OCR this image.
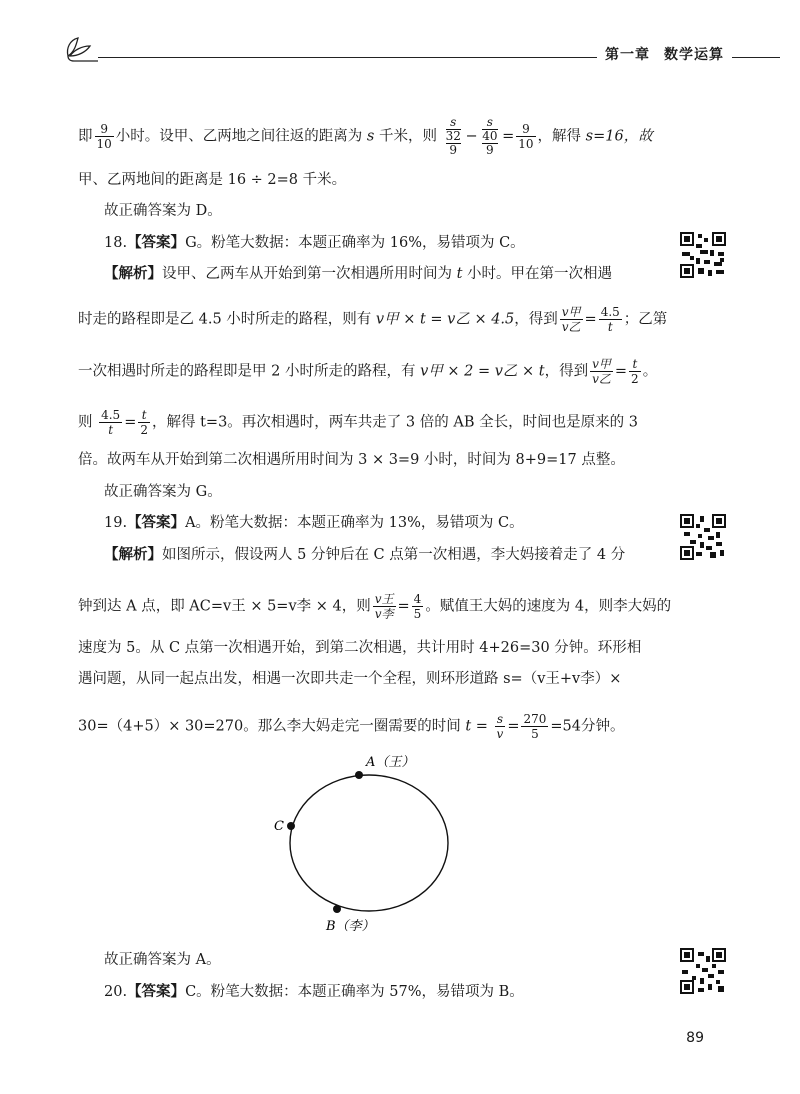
第一章 数学运算
即 $\frac{9}{10}$ 小时。设甲、乙两地之间往返的距离为 s 千米，则
s
32
9
−
s
40
9
= $\frac{9}{10}$ ，解得 s=16，故
甲、乙两地间的距离是 16 ÷ 2=8 千米。
故正确答案为 D。
18.【答案】G。粉笔大数据：本题正确率为 16%，易错项为 C。
【解析】设甲、乙两车从开始到第一次相遇所用时间为 t 小时。甲在第一次相遇
时走的路程即是乙 4.5 小时所走的路程，则有 v甲 × t = v乙 × 4.5，得到 $\frac{\text{v甲}}{\text{v乙}} = \frac{4.5}{t}$ ；乙第
一次相遇时所走的路程即是甲 2 小时所走的路程，有 v甲 × 2 = v乙 × t，得到 $\frac{\text{v甲}}{\text{v乙}} = \frac{t}{2}$ 。
则 $\frac{4.5}{t} = \frac{t}{2}$ ，解得 t=3。再次相遇时，两车共走了 3 倍的 AB 全长，时间也是原来的 3
倍。故两车从开始到第二次相遇所用时间为 3 × 3=9 小时，时间为 8+9=17 点整。
故正确答案为 G。
19.【答案】A。粉笔大数据：本题正确率为 13%，易错项为 C。
【解析】如图所示，假设两人 5 分钟后在 C 点第一次相遇，李大妈接着走了 4 分
钟到达 A 点，即 AC=v王 × 5=v李 × 4，则 $\frac{\text{v王}}{\text{v李}} = \frac{4}{5}$ 。赋值王大妈的速度为 4，则李大妈的
速度为 5。从 C 点第一次相遇开始，到第二次相遇，共计用时 4+26=30 分钟。环形相
遇问题，从同一起点出发，相遇一次即共走一个全程，则环形道路 s=（v王+v李）×
30=（4+5）× 30=270。那么李大妈走完一圈需要的时间 $t = \frac{s}{v} = \frac{270}{5} =54$分钟。
A（王）
C
B（李）
故正确答案为 A。
20.【答案】C。粉笔大数据：本题正确率为 57%，易错项为 B。
89
